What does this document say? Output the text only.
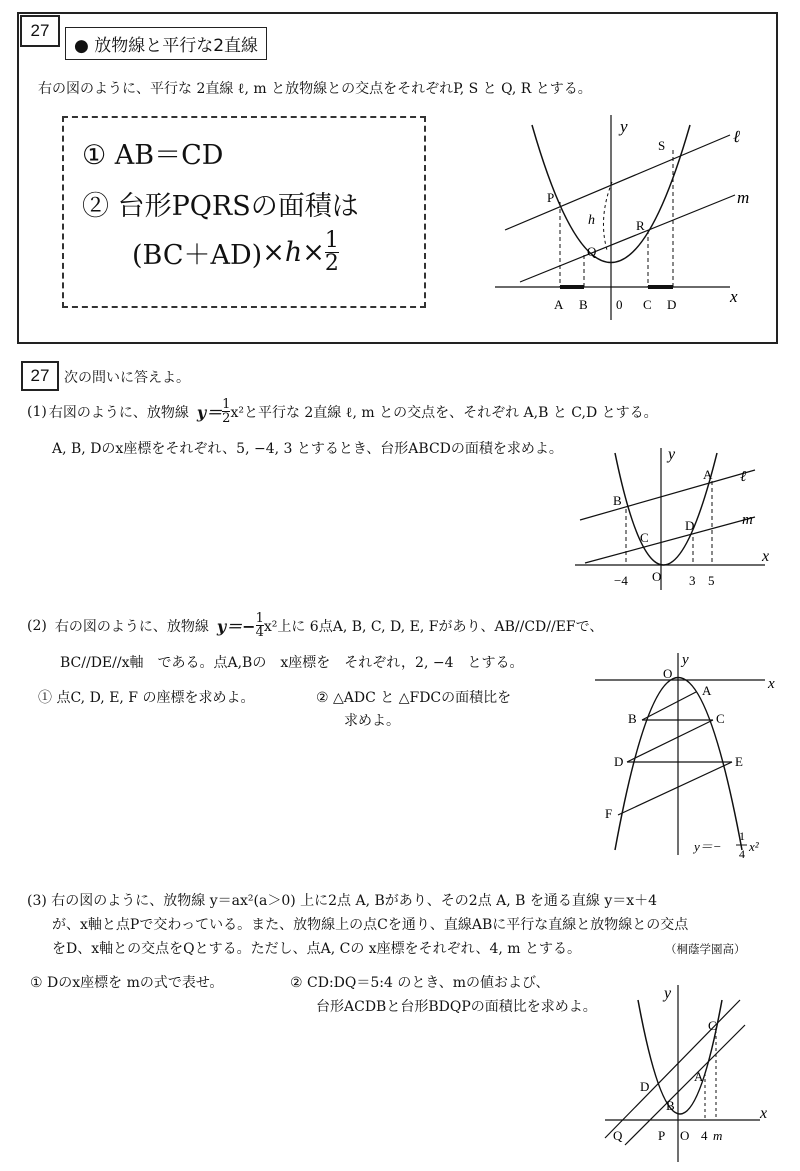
27
● 放物線と平行な2直線
右の図のように、平行な 2直線 ℓ, m と放物線との交点をそれぞれP, S と Q, R とする。
① AB＝CD
② 台形PQRSの面積は
$(BC+AD) \times h\times \frac{1}{2}$
y
ℓ
m
x
h
P
Q
R
S
A B 0 C D
27	次の問いに答えよ。
(1) 右図のように、放物線 $y= \frac{1}{2} x^2$と平行な 2直線 ℓ, m との交点を、それぞれ A,B と C,D とする。
A, B, Dのx座標をそれぞれ、5, −4, 3 とするとき、台形ABCDの面積を求めよ。	y
ℓ
m
x
A
B
C
D
O
−4	3 5
(2) 右の図のように、放物線 $y=- \frac{1}{4} x^2$上に 6点A, B, C, D, E, Fがあり、AB//CD//EFで、
BC//DE//x軸　である。点A,Bの　x座標を　それぞれ，2, −4　とする。
① 点C, D, E, F の座標を求めよ。	② △ADC と △FDCの面積比を
求めよ。
y
x
O
A
B	C
D	E
F
y＝−
1
4 x²
(3) 右の図のように、放物線 y＝ax²(a＞0) 上に2点 A, Bがあり、その2点 A, B を通る直線 y＝x＋4
が、x軸と点Pで交わっている。また、放物線上の点Cを通り、直線ABに平行な直線と放物線との交点
をD、x軸との交点をQとする。ただし、点A, Cの x座標をそれぞれ、4, m とする。	（桐蔭学園高）
① Dのx座標を mの式で表せ。	② CD:DQ＝5:4 のとき、mの値および、
台形ACDBと台形BDQPの面積比を求めよ。
y
x
C
A
D
B
Q	P O 4 m
